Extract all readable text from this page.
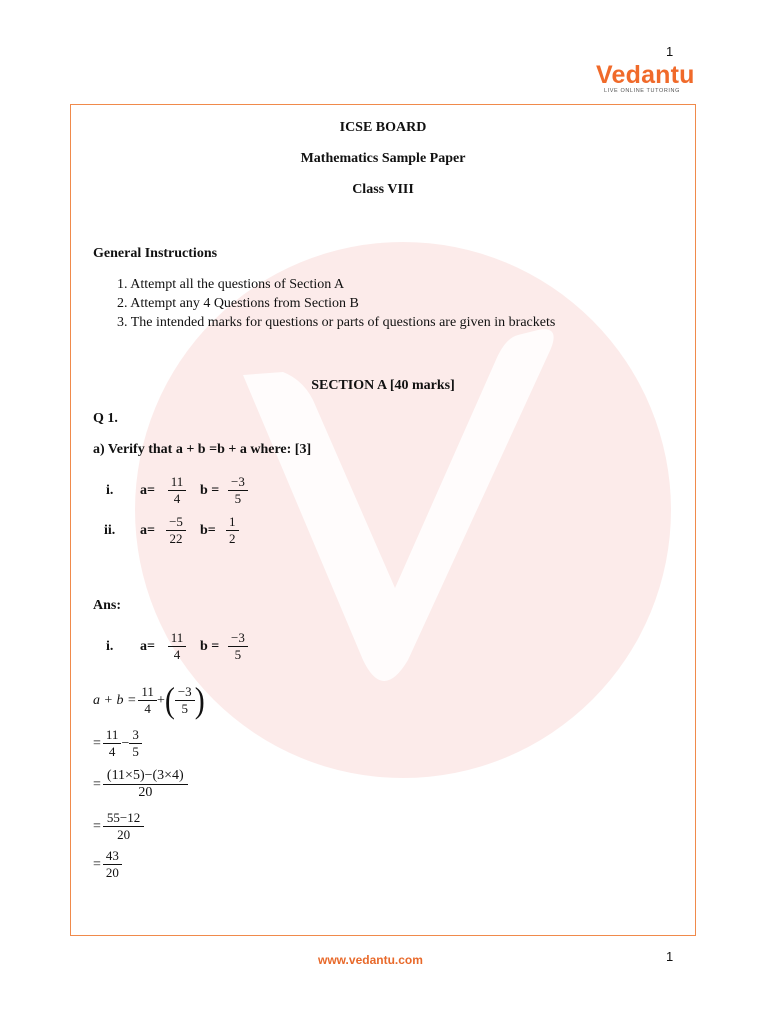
1
Vedantu
LIVE ONLINE TUTORING
ICSE BOARD
Mathematics Sample Paper
Class VIII
General Instructions
1. Attempt all the questions of Section A
2. Attempt any 4 Questions from Section B
3. The intended marks for questions or parts of questions are given in brackets
SECTION A [40 marks]
Q 1.
a) Verify that a + b =b + a where: [3]
i.	$a= \frac{11}{4}$ $b = \frac{-3}{5}$
ii.	$a= \frac{-5}{22} b= \frac{1}{2}$
Ans:
i.	$a= \frac{11}{4}$ $b = \frac{-3}{5}$
$a + b = \frac{11}{4}$ + ( $\frac{-3}{5}$ )
= $\frac{11}{4} - \frac{3}{5}$
= $\frac{(11\times 5)-(3\times 4)}{20}$
= $\frac{55-12}{20}$
= $\frac{43}{20}$
www.vedantu.com	1
